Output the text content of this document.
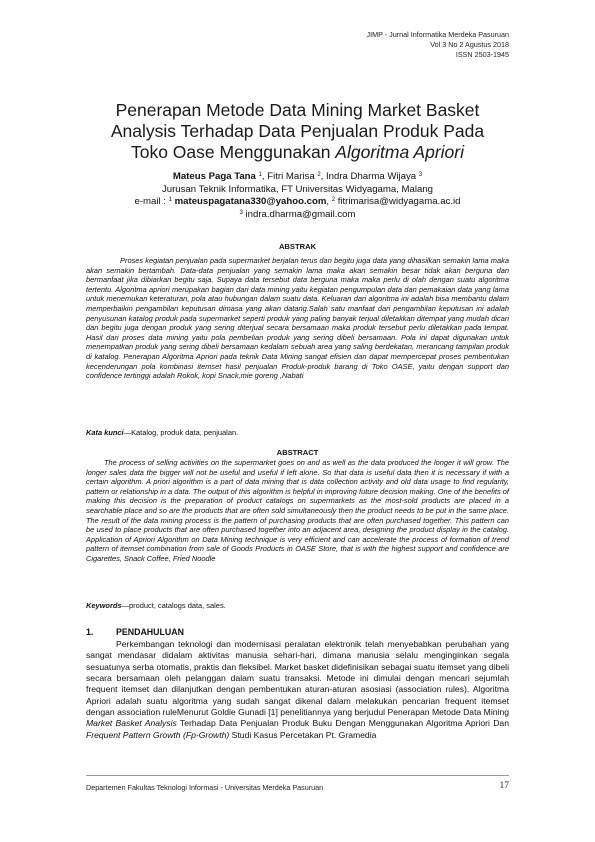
JIMP - Jurnal Informatika Merdeka Pasuruan
Vol 3 No 2 Agustus 2018
ISSN 2503-1945
Penerapan Metode Data Mining Market Basket
Analysis Terhadap Data Penjualan Produk Pada
Toko Oase Menggunakan Algoritma Apriori
Mateus Paga Tana $^1$, Fitri Marisa $^2$, Indra Dharma Wijaya $^3$
Jurusan Teknik Informatika, FT Universitas Widyagama, Malang
e-mail : $^1$ mateuspagatana330@yahoo.com, $^2$ fitrimarisa@widyagama.ac.id
$^3$ indra.dharma@gmail.com
ABSTRAK
Proses kegiatan penjualan pada supermarket berjalan terus dan begitu juga data yang dihasilkan semakin lama maka akan semakin bertambah. Data-data penjualan yang semakin lama maka akan semakin besar tidak akan berguna dan bermanfaat jika dibiarkan begitu saja. Supaya data tersebut data berguna maka maka perlu di olah dengan suatu algoritma tertentu. Algoritma apriori merupakan bagian dari data mining yaitu kegiatan pengumpulan data dan pemakaian data yang lama untuk menemukan keteraturan, pola atau hubungan dalam suatu data. Keluaran dari algoritma ini adalah bisa membantu dalam memperbaikin pengambilan keputusan dimasa yang akan datang.Salah satu manfaat dari pengambilan keputusan ini adalah penyusunan katalog produk pada supermarket seperti produk yang paling banyak terjual diletakkan ditempat yang mudah dicari dan begitu juga dengan produk yang sering diterjual secara bersamaan maka produk tersebut perlu diletakkan pada tempat. Hasil dari proses data mining yaitu pola pembelian produk yang sering dibeli bersamaan. Pola ini dapat digunakan untuk menempatkan produk yang sering dibeli bersamaan kedalam sebuah area yang saling berdekatan, merancang tampilan produk di katalog. Penerapan Algoritma Apriori pada teknik Data Mining sangat efisien dan dapat mempercepat proses pembentukan kecenderungan pola kombinasi itemset hasil penjualan Produk-produk barang di Toko OASE, yaitu dengan support dan confidence tertinggi adalah Rokok, kopi Snack,mie goreng ,Nabati
Kata kunci—Katalog, produk data, penjualan.
ABSTRACT
The process of selling activities on the supermarket goes on and as well as the data produced the longer it will grow. The longer sales data the bigger will not be useful and useful if left alone. So that data is useful data then it is necessary if with a certain algorithm. A priori algorithm is a part of data mining that is data collection activity and old data usage to find regularity, pattern or relationship in a data. The output of this algorithm is helpful in improving future decision making. One of the benefits of making this decision is the preparation of product catalogs on supermarkets as the most-sold products are placed in a searchable place and so are the products that are often sold simultaneously then the product needs to be put in the same place. The result of the data mining process is the pattern of purchasing products that are often purchased together. This pattern can be used to place products that are often purchased together into an adjacent area, designing the product display in the catalog. Application of Apriori Algorithm on Data Mining technique is very efficient and can accelerate the process of formation of trend pattern of itemset combination from sale of Goods Products in OASE Store, that is with the highest support and confidence are Cigarettes, Snack Coffee, Fried Noodle
Keywords—product, catalogs data, sales.
1.	PENDAHULUAN
Perkembangan teknologi dan modernisasi peralatan elektronik telah menyebabkan perubahan yang sangat mendasar didalam aktivitas manusia sehari-hari, dimana manusia selalu menginginkan segala sesuatunya serba otomatis, praktis dan fleksibel. Market basket didefinisikan sebagai suatu itemset yang dibeli secara bersamaan oleh pelanggan dalam suatu transaksi. Metode ini dimulai dengan mencari sejumlah frequent itemset dan dilanjutkan dengan pembentukan aturan-aturan asosiasi (association rules). Algoritma Apriori adalah suatu algoritma yang sudah sangat dikenal dalam melakukan pencarian frequent itemset dengan association ruleMenurut Goldie Gunadi [1] penelitiannya yang berjudul Penerapan Metode Data Mining Market Basket Analysis Terhadap Data Penjualan Produk Buku Dengan Menggunakan Algoritma Apriori Dan Frequent Pattern Growth (Fp-Growth) Studi Kasus Percetakan Pt. Gramedia
Departemen Fakultas Teknologi Informasi - Universitas Merdeka Pasuruan	17
